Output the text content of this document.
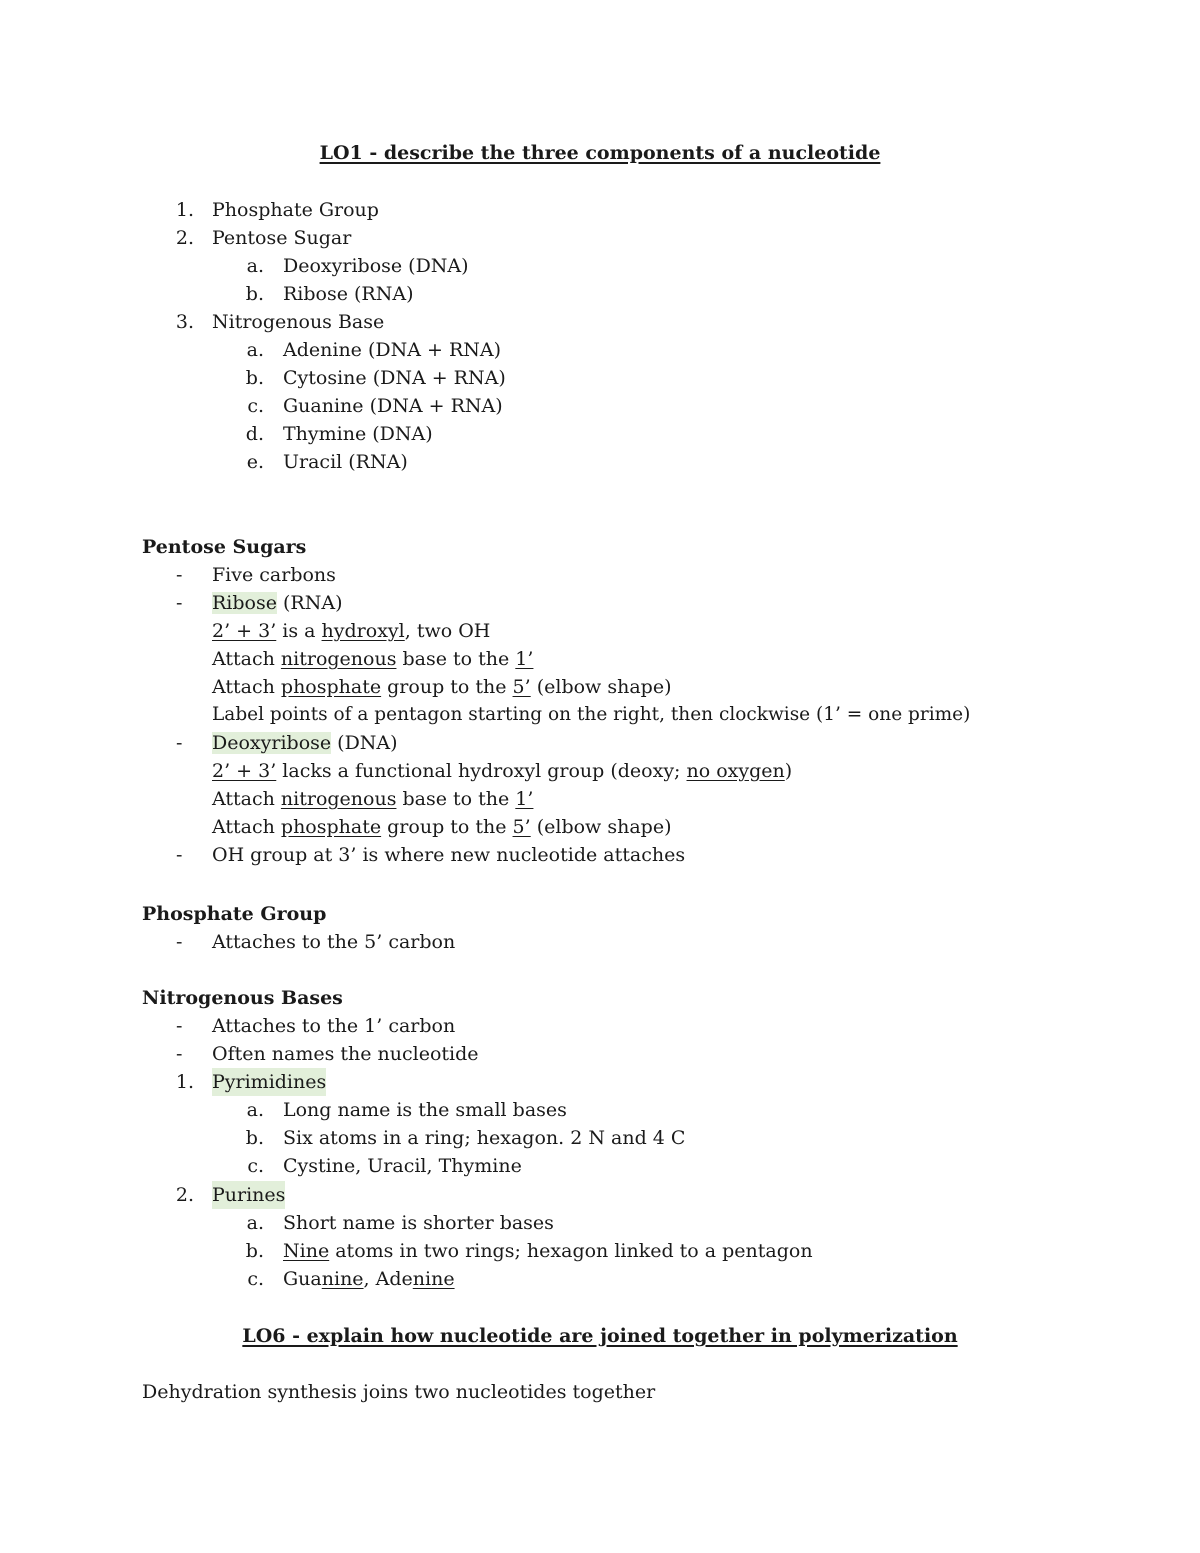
LO1 - describe the three components of a nucleotide
1. Phosphate Group
2. Pentose Sugar
a. Deoxyribose (DNA)
b. Ribose (RNA)
3. Nitrogenous Base
a. Adenine (DNA + RNA)
b. Cytosine (DNA + RNA)
c. Guanine (DNA + RNA)
d. Thymine (DNA)
e. Uracil (RNA)
Pentose Sugars
- Five carbons
- Ribose (RNA)
2’ + 3’ is a hydroxyl, two OH
Attach nitrogenous base to the 1’
Attach phosphate group to the 5’ (elbow shape)
Label points of a pentagon starting on the right, then clockwise (1’ = one prime)
- Deoxyribose (DNA)
2’ + 3’ lacks a functional hydroxyl group (deoxy; no oxygen)
Attach nitrogenous base to the 1’
Attach phosphate group to the 5’ (elbow shape)
- OH group at 3’ is where new nucleotide attaches
Phosphate Group
- Attaches to the 5’ carbon
Nitrogenous Bases
- Attaches to the 1’ carbon
- Often names the nucleotide
1. Pyrimidines
a. Long name is the small bases
b. Six atoms in a ring; hexagon. 2 N and 4 C
c. Cystine, Uracil, Thymine
2. Purines
a. Short name is shorter bases
b. Nine atoms in two rings; hexagon linked to a pentagon
c. Guanine, Adenine
LO6 - explain how nucleotide are joined together in polymerization
Dehydration synthesis joins two nucleotides together
